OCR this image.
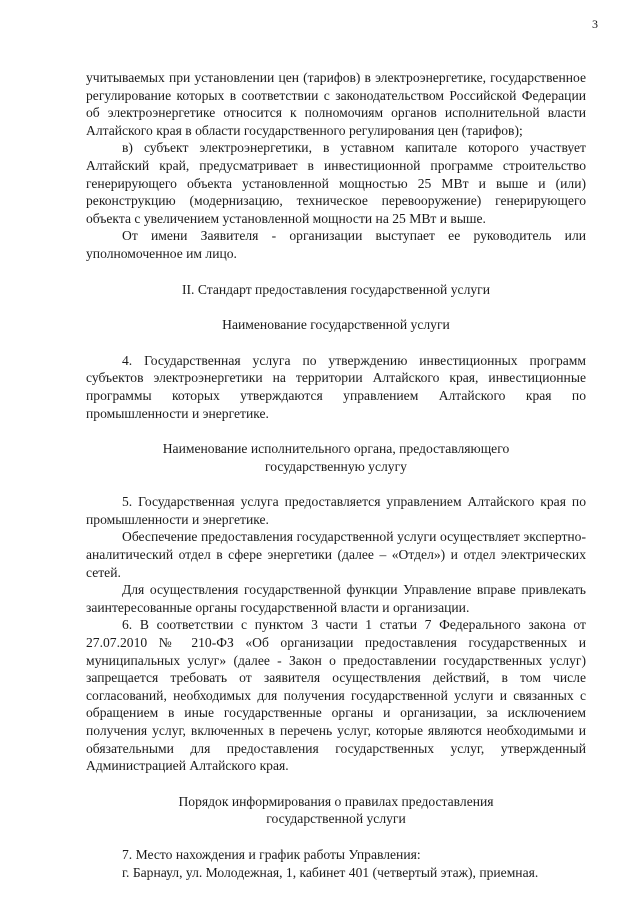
3

учитываемых при установлении цен (тарифов) в электроэнергетике, государственное регулирование которых в соответствии с законодательством Российской Федерации об электроэнергетике относится к полномочиям органов исполнительной власти Алтайского края в области государственного регулирования цен (тарифов);

в) субъект электроэнергетики, в уставном капитале которого участвует Алтайский край, предусматривает в инвестиционной программе строительство генерирующего объекта установленной мощностью 25 МВт и выше и (или) реконструкцию (модернизацию, техническое перевооружение) генерирующего объекта с увеличением установленной мощности на 25 МВт и выше.

От имени Заявителя - организации выступает ее руководитель или уполномоченное им лицо.

II. Стандарт предоставления государственной услуги

Наименование государственной услуги

4. Государственная услуга по утверждению инвестиционных программ субъектов электроэнергетики на территории Алтайского края, инвестиционные программы которых утверждаются управлением Алтайского края по промышленности и энергетике.

Наименование исполнительного органа, предоставляющего

государственную услугу

5. Государственная услуга предоставляется управлением Алтайского края по промышленности и энергетике.

Обеспечение предоставления государственной услуги осуществляет экспертно-аналитический отдел в сфере энергетики (далее – «Отдел») и отдел электрических сетей.

Для осуществления государственной функции Управление вправе привлекать заинтересованные органы государственной власти и организации.

6. В соответствии с пунктом 3 части 1 статьи 7 Федерального закона от 27.07.2010 № 210-ФЗ «Об организации предоставления государственных и муниципальных услуг» (далее - Закон о предоставлении государственных услуг) запрещается требовать от заявителя осуществления действий, в том числе согласований, необходимых для получения государственной услуги и связанных с обращением в иные государственные органы и организации, за исключением получения услуг, включенных в перечень услуг, которые являются необходимыми и обязательными для предоставления государственных услуг, утвержденный Администрацией Алтайского края.

Порядок информирования о правилах предоставления

государственной услуги

7. Место нахождения и график работы Управления:

г. Барнаул, ул. Молодежная, 1, кабинет 401 (четвертый этаж), приемная.
